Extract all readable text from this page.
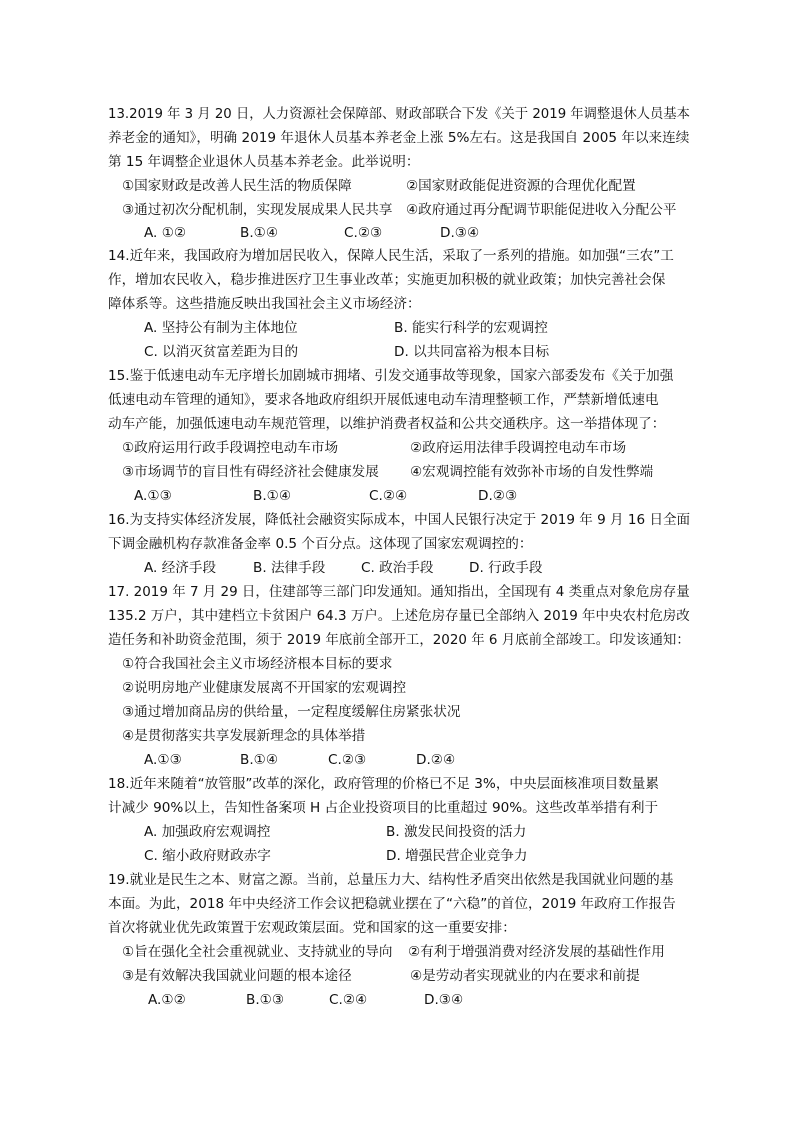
13.2019 年 3 月 20 日，人力资源社会保障部、财政部联合下发《关于 2019 年调整退休人员基本
养老金的通知》，明确 2019 年退休人员基本养老金上涨 5%左右。这是我国自 2005 年以来连续
第 15 年调整企业退休人员基本养老金。此举说明：
①国家财政是改善人民生活的物质保障	②国家财政能促进资源的合理优化配置
③通过初次分配机制，实现发展成果人民共享 ④政府通过再分配调节职能促进收入分配公平
A. ①②	B.①④	C.②③	D.③④
14.近年来，我国政府为增加居民收入，保障人民生活，采取了一系列的措施。如加强“三农”工
作，增加农民收入，稳步推进医疗卫生事业改革；实施更加积极的就业政策；加快完善社会保
障体系等。这些措施反映出我国社会主义市场经济：
A. 坚持公有制为主体地位	B. 能实行科学的宏观调控
C. 以消灭贫富差距为目的	D. 以共同富裕为根本目标
15.鉴于低速电动车无序增长加剧城市拥堵、引发交通事故等现象，国家六部委发布《关于加强
低速电动车管理的通知》，要求各地政府组织开展低速电动车清理整顿工作，严禁新增低速电
动车产能，加强低速电动车规范管理，以维护消费者权益和公共交通秩序。这一举措体现了：
①政府运用行政手段调控电动车市场	②政府运用法律手段调控电动车市场
③市场调节的盲目性有碍经济社会健康发展 ④宏观调控能有效弥补市场的自发性弊端
A.①③	B.①④	C.②④	D.②③
16.为支持实体经济发展，降低社会融资实际成本，中国人民银行决定于 2019 年 9 月 16 日全面
下调金融机构存款准备金率 0.5 个百分点。这体现了国家宏观调控的：
A. 经济手段	B. 法律手段	C. 政治手段	D. 行政手段
17. 2019 年 7 月 29 日，住建部等三部门印发通知。通知指出，全国现有 4 类重点对象危房存量
135.2 万户，其中建档立卡贫困户 64.3 万户。上述危房存量已全部纳入 2019 年中央农村危房改
造任务和补助资金范围，须于 2019 年底前全部开工，2020 年 6 月底前全部竣工。印发该通知：
①符合我国社会主义市场经济根本目标的要求
②说明房地产业健康发展离不开国家的宏观调控
③通过增加商品房的供给量，一定程度缓解住房紧张状况
④是贯彻落实共享发展新理念的具体举措
A.①③	B.①④	C.②③	D.②④
18.近年来随着“放管服”改革的深化，政府管理的价格已不足 3%，中央层面核准项目数量累
计减少 90%以上，告知性备案项 H 占企业投资项目的比重超过 90%。这些改革举措有利于
A. 加强政府宏观调控	B. 激发民间投资的活力
C. 缩小政府财政赤字	D. 增强民营企业竞争力
19.就业是民生之本、财富之源。当前，总量压力大、结构性矛盾突出依然是我国就业问题的基
本面。为此，2018 年中央经济工作会议把稳就业摆在了“六稳”的首位，2019 年政府工作报告
首次将就业优先政策置于宏观政策层面。党和国家的这一重要安排：
①旨在强化全社会重视就业、支持就业的导向 ②有利于增强消费对经济发展的基础性作用
③是有效解决我国就业问题的根本途径	④是劳动者实现就业的内在要求和前提
A.①②	B.①③	C.②④	D.③④
